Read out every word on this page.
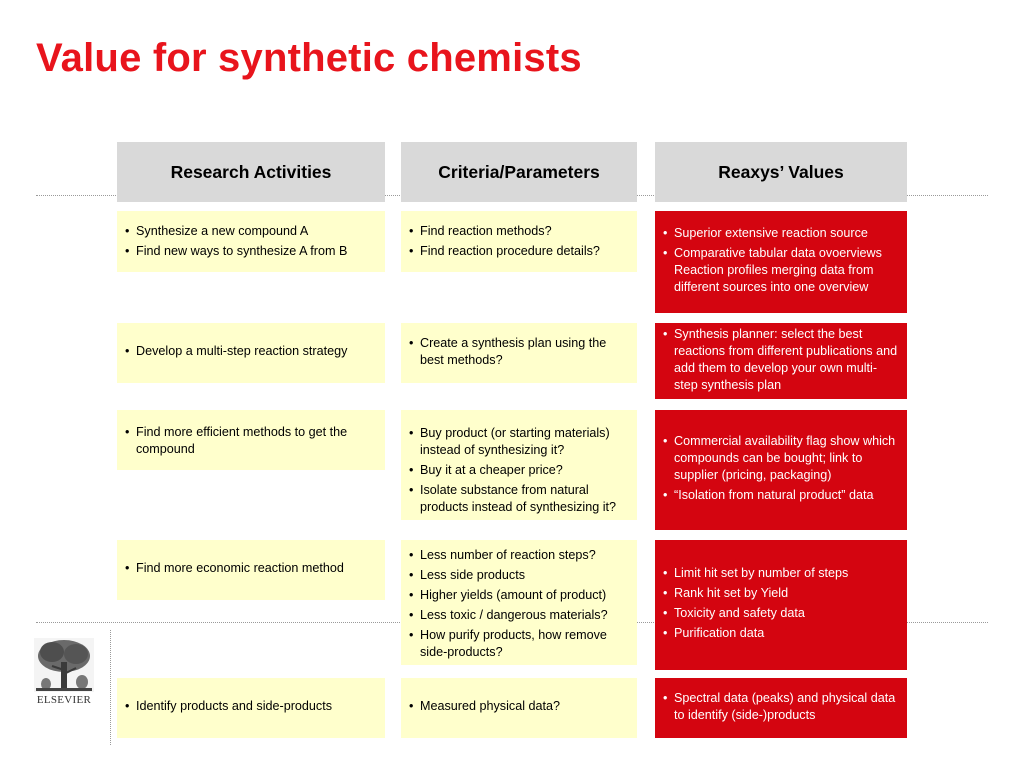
Value for synthetic chemists
Research Activities	Criteria/Parameters	Reaxys’ Values
• Synthesize a new compound A
• Find new ways to synthesize A from B
• Find reaction methods?
• Find reaction procedure details?
• Superior extensive reaction source
• Comparative tabular data ovoerviews Reaction profiles merging data from different sources into one overview
• Develop a multi-step reaction strategy
• Create a synthesis plan using the best methods?
• Synthesis planner: select the best reactions from different publications and add them to develop your own multi-step synthesis plan
• Find more efficient methods to get the compound
• Buy product (or starting materials) instead of synthesizing it?
• Buy it at a cheaper price?
• Isolate substance from natural products instead of synthesizing it?
• Commercial availability flag show which compounds can be bought; link to supplier (pricing, packaging)
• “Isolation from natural product” data
• Find more economic reaction method
• Less number of reaction steps?
• Less side products
• Higher yields (amount of product)
• Less toxic / dangerous materials?
• How purify products, how remove side-products?
• Limit hit set by number of steps
• Rank hit set by Yield
• Toxicity and safety data
• Purification data
• Identify products and side-products
•	Measured physical data?
• Spectral data (peaks) and physical data to identify (side-)products
ELSEVIER
